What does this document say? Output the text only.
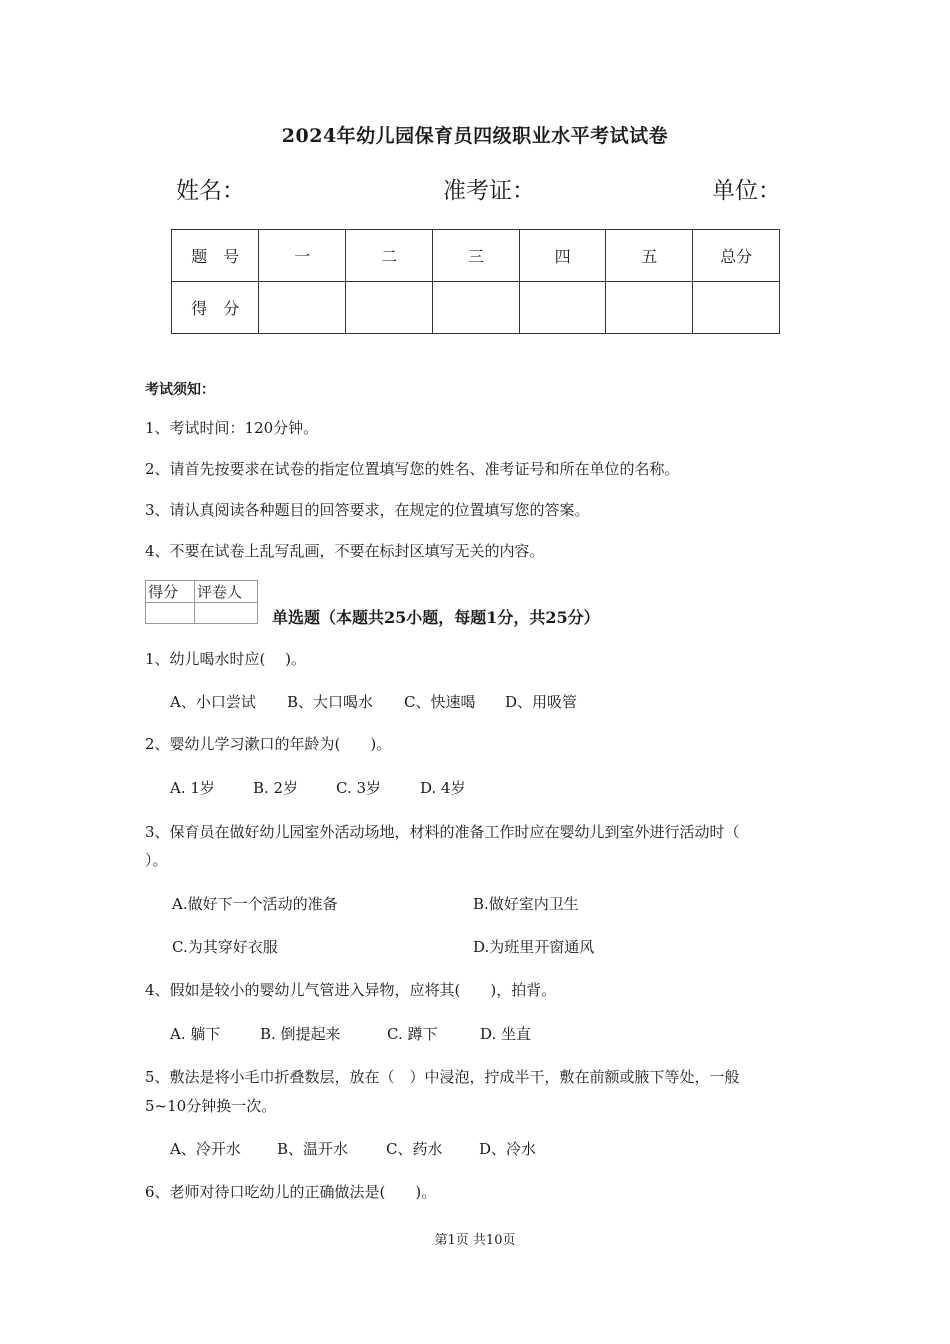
2024年幼儿园保育员四级职业水平考试试卷
姓名：	准考证：	单位：
题　号	一	二	三	四	五	总分
得　分						
考试须知：
1、考试时间：120分钟。
2、请首先按要求在试卷的指定位置填写您的姓名、准考证号和所在单位的名称。
3、请认真阅读各种题目的回答要求，在规定的位置填写您的答案。
4、不要在试卷上乱写乱画，不要在标封区填写无关的内容。
得分	评卷人

单选题（本题共25小题，每题1分，共25分）
1、幼儿喝水时应(　 )。
A、小口尝试 B、大口喝水 C、快速喝 D、用吸管
2、婴幼儿学习漱口的年龄为(　　)。
A. 1岁	B. 2岁	C. 3岁	D. 4岁
3、保育员在做好幼儿园室外活动场地，材料的准备工作时应在婴幼儿到室外进行活动时（
）。
A.做好下一个活动的准备	B.做好室内卫生
C.为其穿好衣服	D.为班里开窗通风
4、假如是较小的婴幼儿气管进入异物，应将其(　　)，拍背。
A. 躺下	B. 倒提起来	C. 蹲下	D. 坐直
5、敷法是将小毛巾折叠数层，放在（　）中浸泡，拧成半干，敷在前额或腋下等处，一般
5~10分钟换一次。
A、冷开水 B、温开水	C、药水 D、冷水
6、老师对待口吃幼儿的正确做法是(　　)。
第1页 共10页
